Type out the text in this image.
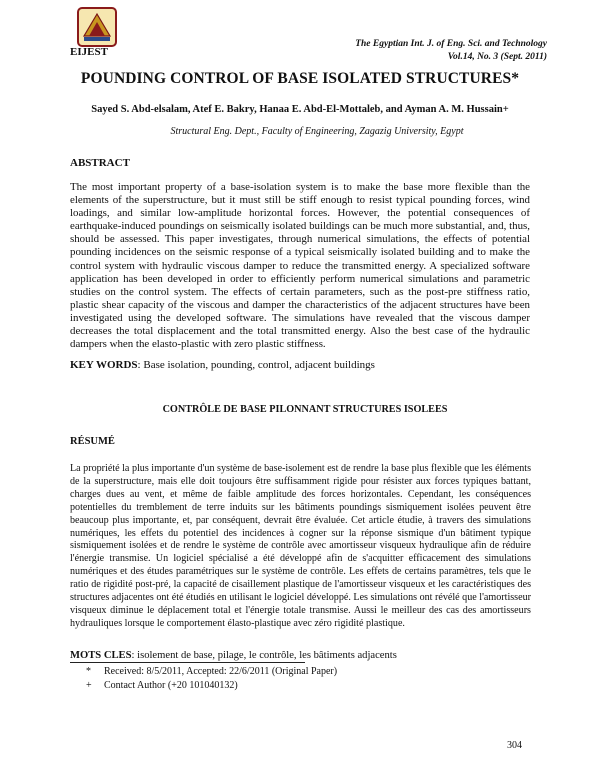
EIJEST
The Egyptian Int. J. of Eng. Sci. and Technology
Vol.14, No. 3 (Sept. 2011)
POUNDING CONTROL OF BASE ISOLATED STRUCTURES*
Sayed S. Abd-elsalam, Atef E. Bakry, Hanaa E. Abd-El-Mottaleb, and Ayman A. M. Hussain+
Structural Eng. Dept., Faculty of Engineering, Zagazig University, Egypt
ABSTRACT
The most important property of a base-isolation system is to make the base more flexible than the elements of the superstructure, but it must still be stiff enough to resist typical pounding forces, wind loadings, and similar low-amplitude horizontal forces. However, the potential consequences of earthquake-induced poundings on seismically isolated buildings can be much more substantial, and, thus, should be assessed. This paper investigates, through numerical simulations, the effects of potential pounding incidences on the seismic response of a typical seismically isolated building and to make the control system with hydraulic viscous damper to reduce the transmitted energy. A specialized software application has been developed in order to efficiently perform numerical simulations and parametric studies on the control system. The effects of certain parameters, such as the post-pre stiffness ratio, plastic shear capacity of the viscous and damper the characteristics of the adjacent structures have been investigated using the developed software. The simulations have revealed that the viscous damper decreases the total displacement and the total transmitted energy. Also the best case of the hydraulic dampers when the elasto-plastic with zero plastic stiffness.
KEY WORDS: Base isolation, pounding, control, adjacent buildings
CONTRÔLE DE BASE PILONNANT STRUCTURES ISOLEES
RÉSUMÉ
La propriété la plus importante d'un système de base-isolement est de rendre la base plus flexible que les éléments de la superstructure, mais elle doit toujours être suffisamment rigide pour résister aux forces typiques battant, charges dues au vent, et même de faible amplitude des forces horizontales. Cependant, les conséquences potentielles du tremblement de terre induits sur les bâtiments poundings sismiquement isolées peuvent être beaucoup plus importante, et, par conséquent, devrait être évaluée. Cet article étudie, à travers des simulations numériques, les effets du potentiel des incidences à cogner sur la réponse sismique d'un bâtiment typique sismiquement isolées et de rendre le système de contrôle avec amortisseur visqueux hydraulique afin de réduire l'énergie transmise. Un logiciel spécialisé a été développé afin de s'acquitter efficacement des simulations numériques et des études paramétriques sur le système de contrôle. Les effets de certains paramètres, tels que le ratio de rigidité post-pré, la capacité de cisaillement plastique de l'amortisseur visqueux et les caractéristiques des structures adjacentes ont été étudiés en utilisant le logiciel développé. Les simulations ont révélé que l'amortisseur visqueux diminue le déplacement total et l'énergie totale transmise. Aussi le meilleur des cas des amortisseurs hydrauliques lorsque le comportement élasto-plastique avec zéro rigidité plastique.
MOTS CLES: isolement de base, pilage, le contrôle, les bâtiments adjacents
* Received: 8/5/2011, Accepted: 22/6/2011 (Original Paper)
+ Contact Author (+20 101040132)
304
